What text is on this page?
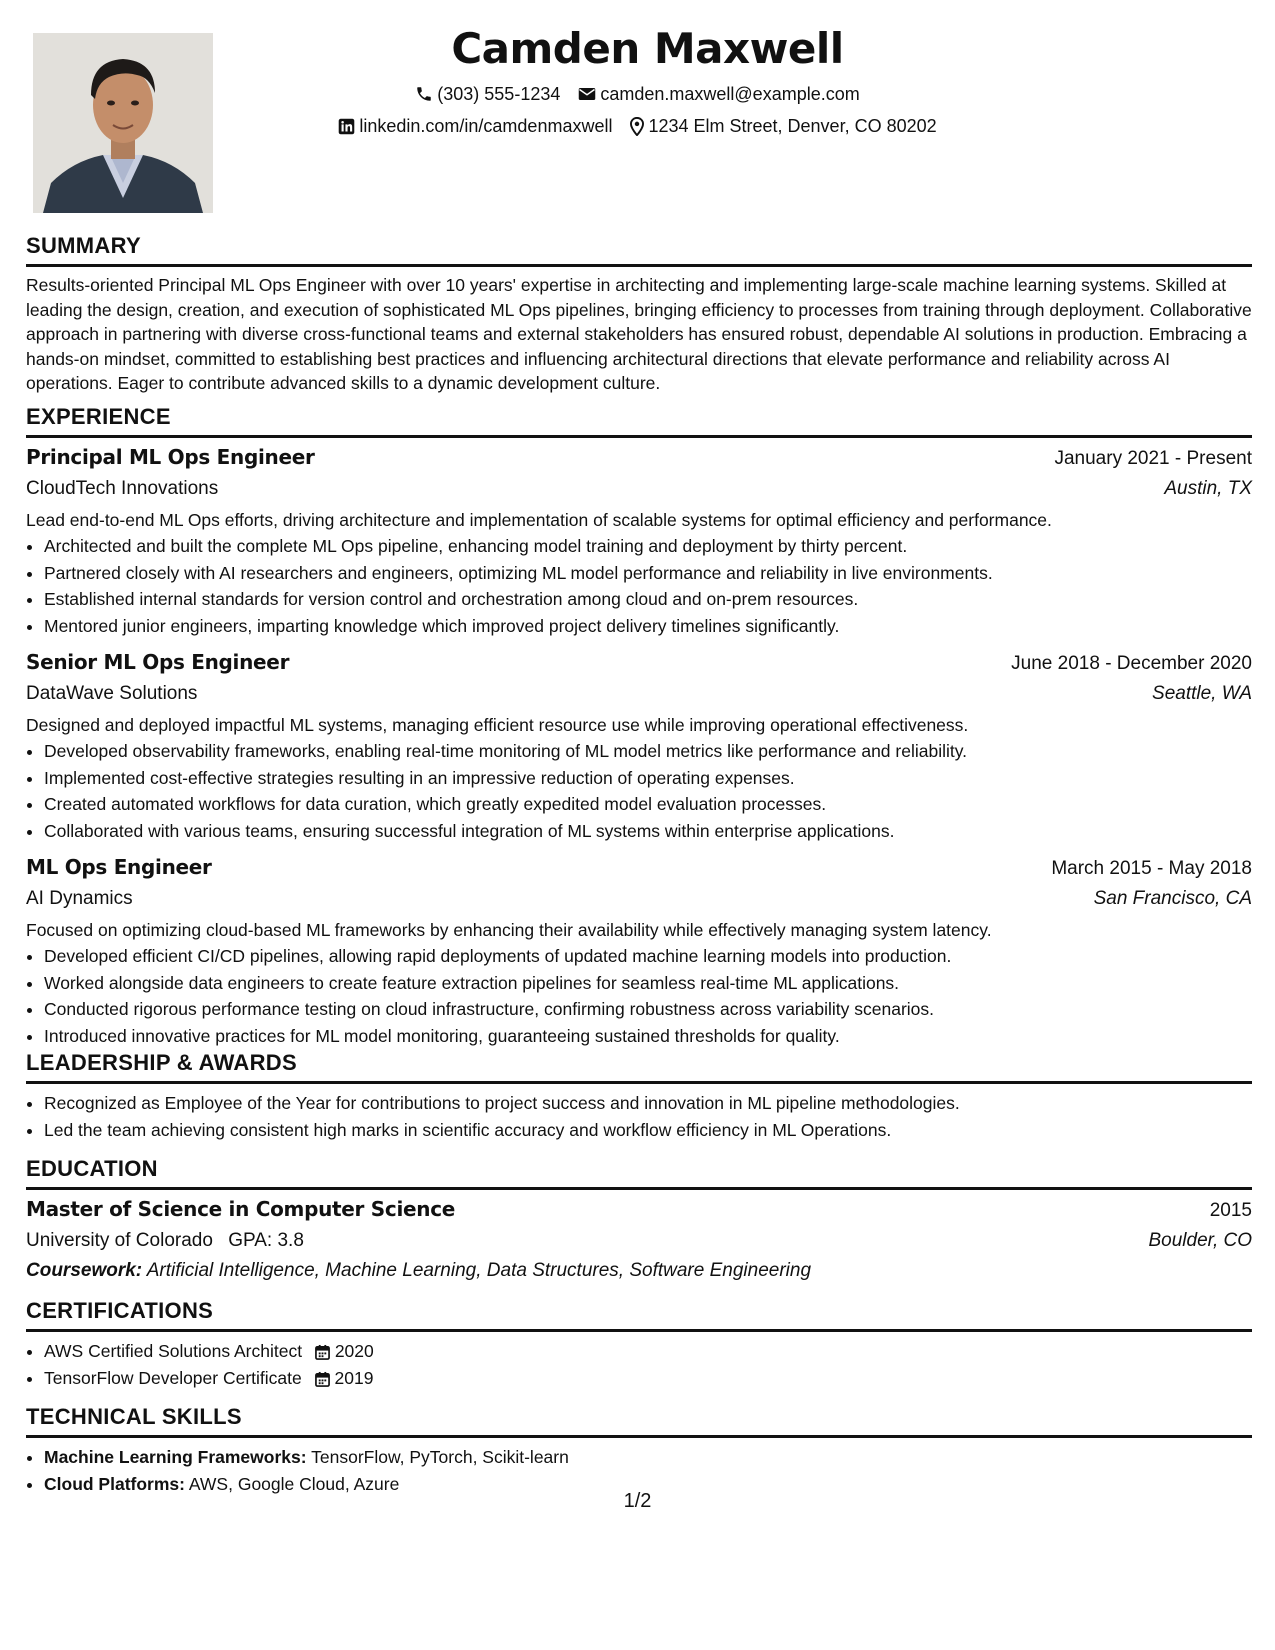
Camden Maxwell
(303) 555-1234 camden.maxwell@example.com
linkedin.com/in/camdenmaxwell 1234 Elm Street, Denver, CO 80202
SUMMARY
Results-oriented Principal ML Ops Engineer with over 10 years' expertise in architecting and implementing large-scale machine learning systems. Skilled at leading the design, creation, and execution of sophisticated ML Ops pipelines, bringing efficiency to processes from training through deployment. Collaborative approach in partnering with diverse cross-functional teams and external stakeholders has ensured robust, dependable AI solutions in production. Embracing a hands-on mindset, committed to establishing best practices and influencing architectural directions that elevate performance and reliability across AI operations. Eager to contribute advanced skills to a dynamic development culture.
EXPERIENCE
Principal ML Ops Engineer	January 2021 - Present
CloudTech Innovations	Austin, TX
Lead end-to-end ML Ops efforts, driving architecture and implementation of scalable systems for optimal efficiency and performance.
• Architected and built the complete ML Ops pipeline, enhancing model training and deployment by thirty percent.
• Partnered closely with AI researchers and engineers, optimizing ML model performance and reliability in live environments.
• Established internal standards for version control and orchestration among cloud and on-prem resources.
• Mentored junior engineers, imparting knowledge which improved project delivery timelines significantly.
Senior ML Ops Engineer	June 2018 - December 2020
DataWave Solutions	Seattle, WA
Designed and deployed impactful ML systems, managing efficient resource use while improving operational effectiveness.
• Developed observability frameworks, enabling real-time monitoring of ML model metrics like performance and reliability.
• Implemented cost-effective strategies resulting in an impressive reduction of operating expenses.
• Created automated workflows for data curation, which greatly expedited model evaluation processes.
• Collaborated with various teams, ensuring successful integration of ML systems within enterprise applications.
ML Ops Engineer	March 2015 - May 2018
AI Dynamics	San Francisco, CA
Focused on optimizing cloud-based ML frameworks by enhancing their availability while effectively managing system latency.
• Developed efficient CI/CD pipelines, allowing rapid deployments of updated machine learning models into production.
• Worked alongside data engineers to create feature extraction pipelines for seamless real-time ML applications.
• Conducted rigorous performance testing on cloud infrastructure, confirming robustness across variability scenarios.
• Introduced innovative practices for ML model monitoring, guaranteeing sustained thresholds for quality.
LEADERSHIP & AWARDS
• Recognized as Employee of the Year for contributions to project success and innovation in ML pipeline methodologies.
• Led the team achieving consistent high marks in scientific accuracy and workflow efficiency in ML Operations.
EDUCATION
Master of Science in Computer Science	2015
University of Colorado GPA: 3.8	Boulder, CO
Coursework: Artificial Intelligence, Machine Learning, Data Structures, Software Engineering
CERTIFICATIONS
• AWS Certified Solutions Architect 2020
• TensorFlow Developer Certificate 2019
TECHNICAL SKILLS
• Machine Learning Frameworks: TensorFlow, PyTorch, Scikit-learn
• Cloud Platforms: AWS, Google Cloud, Azure
1/2
